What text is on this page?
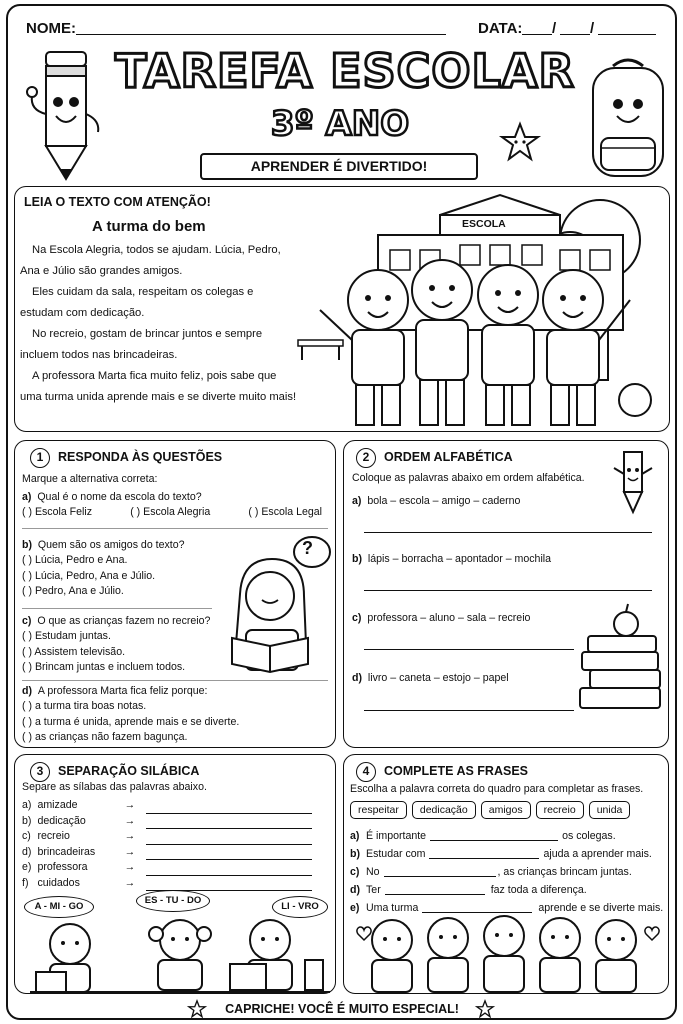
NOME:	DATA: / /
TAREFA ESCOLAR
3º ANO
APRENDER É DIVERTIDO!
LEIA O TEXTO COM ATENÇÃO!
A turma do bem
Na Escola Alegria, todos se ajudam. Lúcia, Pedro,
Ana e Júlio são grandes amigos.
Eles cuidam da sala, respeitam os colegas e
estudam com dedicação.
No recreio, gostam de brincar juntos e sempre
incluem todos nas brincadeiras.
A professora Marta fica muito feliz, pois sabe que
uma turma unida aprende mais e se diverte muito mais!
ESCOLA
1 RESPONDA ÀS QUESTÕES
Marque a alternativa correta:
a) Qual é o nome da escola do texto?
( ) Escola Feliz	( ) Escola Alegria	( ) Escola Legal
b) Quem são os amigos do texto?
( ) Lúcia, Pedro e Ana.
( ) Lúcia, Pedro, Ana e Júlio.
( ) Pedro, Ana e Júlio.
c) O que as crianças fazem no recreio?
( ) Estudam juntas.
( ) Assistem televisão.
( ) Brincam juntas e incluem todos.
d) A professora Marta fica feliz porque:
( ) a turma tira boas notas.
( ) a turma é unida, aprende mais e se diverte.
( ) as crianças não fazem bagunça.
?
2 ORDEM ALFABÉTICA
Coloque as palavras abaixo em ordem alfabética.
a) bola – escola – amigo – caderno
b) lápis – borracha – apontador – mochila
c) professora – aluno – sala – recreio
d) livro – caneta – estojo – papel
3 SEPARAÇÃO SILÁBICA
Separe as sílabas das palavras abaixo.
a) amizade	→
b) dedicação	→
c) recreio	→
d) brincadeiras	→
e) professora	→
f) cuidados	→
A - MI - GO
ES - TU - DO
LI - VRO
4 COMPLETE AS FRASES
Escolha a palavra correta do quadro para completar as frases.
respeitar dedicação amigos recreio unida
a) É importante	os colegas.
b) Estudar com	ajuda a aprender mais.
c) No	, as crianças brincam juntas.
d) Ter	faz toda a diferença.
e) Uma turma	aprende e se diverte mais.
CAPRICHE! VOCÊ É MUITO ESPECIAL!
